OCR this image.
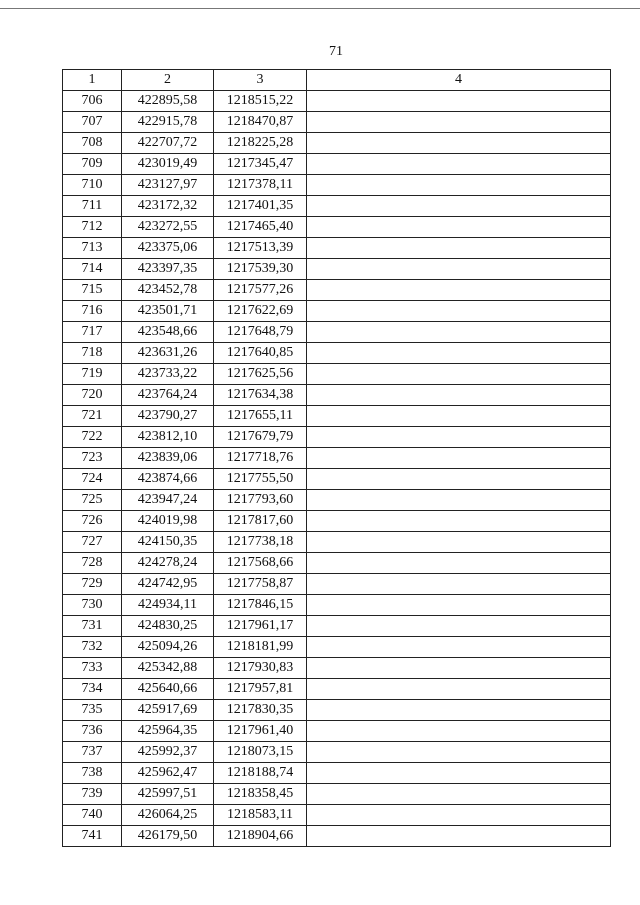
71
1	2	3	4
706	422895,58	1218515,22	
707	422915,78	1218470,87	
708	422707,72	1218225,28	
709	423019,49	1217345,47	
710	423127,97	1217378,11	
711	423172,32	1217401,35	
712	423272,55	1217465,40	
713	423375,06	1217513,39	
714	423397,35	1217539,30	
715	423452,78	1217577,26	
716	423501,71	1217622,69	
717	423548,66	1217648,79	
718	423631,26	1217640,85	
719	423733,22	1217625,56	
720	423764,24	1217634,38	
721	423790,27	1217655,11	
722	423812,10	1217679,79	
723	423839,06	1217718,76	
724	423874,66	1217755,50	
725	423947,24	1217793,60	
726	424019,98	1217817,60	
727	424150,35	1217738,18	
728	424278,24	1217568,66	
729	424742,95	1217758,87	
730	424934,11	1217846,15	
731	424830,25	1217961,17	
732	425094,26	1218181,99	
733	425342,88	1217930,83	
734	425640,66	1217957,81	
735	425917,69	1217830,35	
736	425964,35	1217961,40	
737	425992,37	1218073,15	
738	425962,47	1218188,74	
739	425997,51	1218358,45	
740	426064,25	1218583,11	
741	426179,50	1218904,66	
